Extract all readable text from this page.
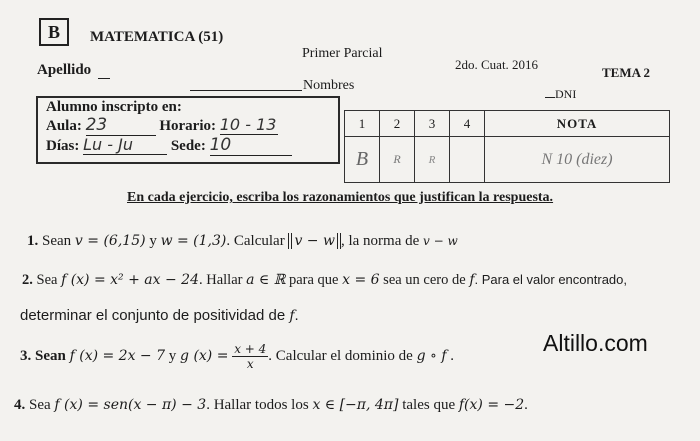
B	MATEMATICA (51)
Primer Parcial
2do. Cuat. 2016
TEMA 2
Apellido
Nombres
DNI
Alumno inscripto en:
Aula: 23	Horario: 10 - 13
Días: Lu - Ju	Sede: 10
1	2	3	4	NOTA
B	R	R		N 10 (diez)
En cada ejercicio, escriba los razonamientos que justifican la respuesta.
1. Sean v = (6,15) y w = (1,3). Calcular v − w , la norma de v − w
2. Sea f (x) = x² + ax − 24. Hallar a ∈ ℝ para que x = 6 sea un cero de f. Para el valor encontrado,
determinar el conjunto de positividad de f.
3. Sean f (x) = 2x − 7 y g $(x) = \frac{x + 4}{x}$ . Calcular el dominio de g ∘ f .	Altillo.com
4. Sea f (x) = sen(x − π) − 3. Hallar todos los x ∈ [−π, 4π] tales que f(x) = −2.
